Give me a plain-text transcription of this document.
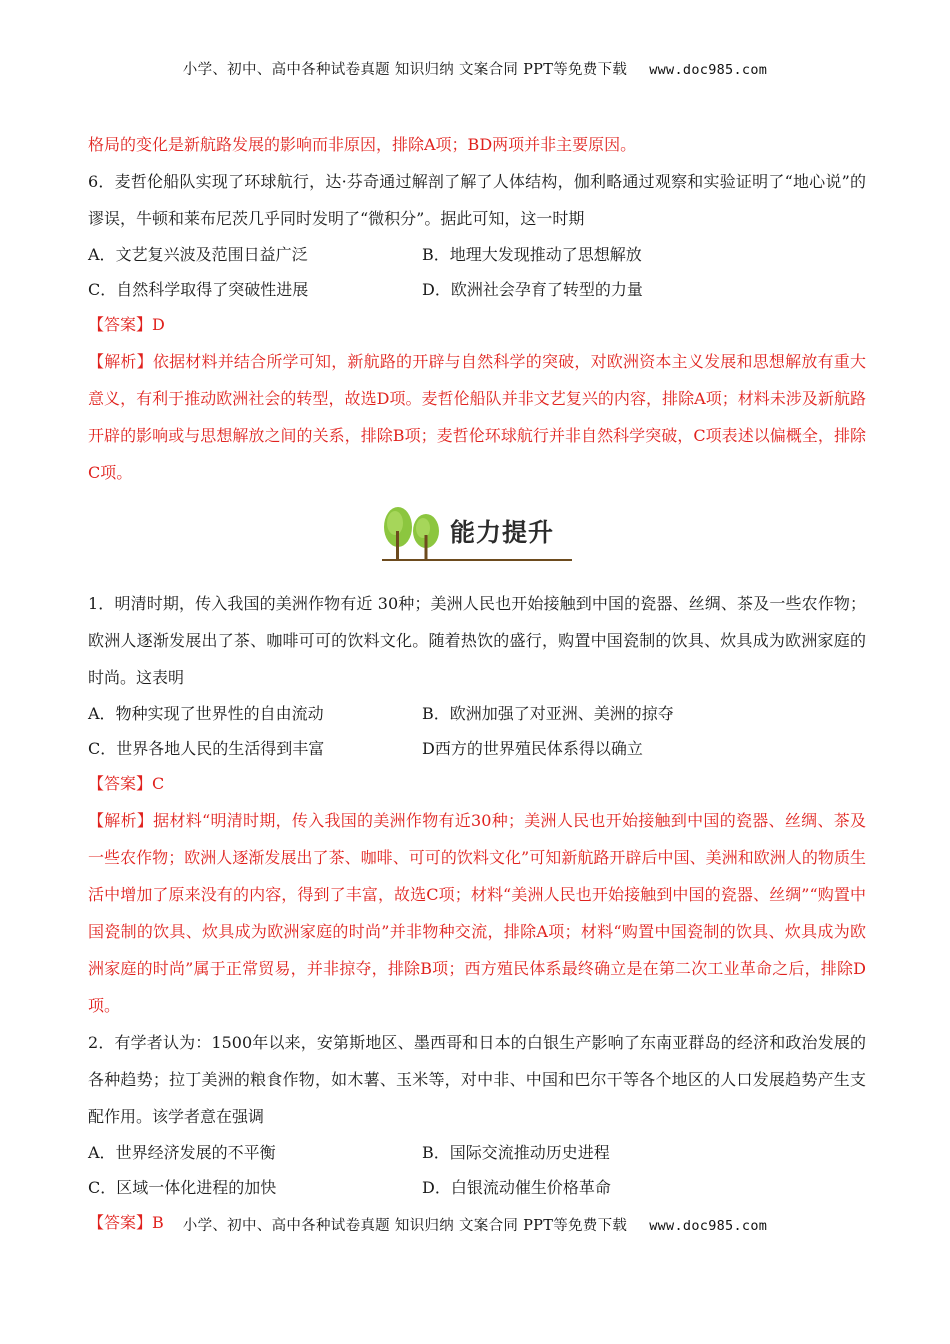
小学、初中、高中各种试卷真题 知识归纳 文案合同 PPT等免费下载 www.doc985.com
格局的变化是新航路发展的影响而非原因，排除A项；BD两项并非主要原因。
6．麦哲伦船队实现了环球航行，达·芬奇通过解剖了解了人体结构，伽利略通过观察和实验证明了“地心说”的谬误，牛顿和莱布尼茨几乎同时发明了“微积分”。据此可知，这一时期
A．文艺复兴波及范围日益广泛	B．地理大发现推动了思想解放
C．自然科学取得了突破性进展	D．欧洲社会孕育了转型的力量
【答案】D
【解析】依据材料并结合所学可知，新航路的开辟与自然科学的突破，对欧洲资本主义发展和思想解放有重大意义，有利于推动欧洲社会的转型，故选D项。麦哲伦船队并非文艺复兴的内容，排除A项；材料未涉及新航路开辟的影响或与思想解放之间的关系，排除B项；麦哲伦环球航行并非自然科学突破，C项表述以偏概全，排除C项。
能力提升
1．明清时期，传入我国的美洲作物有近 30种；美洲人民也开始接触到中国的瓷器、丝绸、茶及一些农作物；欧洲人逐渐发展出了茶、咖啡可可的饮料文化。随着热饮的盛行，购置中国瓷制的饮具、炊具成为欧洲家庭的时尚。这表明
A．物种实现了世界性的自由流动	B．欧洲加强了对亚洲、美洲的掠夺
C．世界各地人民的生活得到丰富	D西方的世界殖民体系得以确立
【答案】C
【解析】据材料“明清时期，传入我国的美洲作物有近30种；美洲人民也开始接触到中国的瓷器、丝绸、茶及一些农作物；欧洲人逐渐发展出了茶、咖啡、可可的饮料文化”可知新航路开辟后中国、美洲和欧洲人的物质生活中增加了原来没有的内容，得到了丰富，故选C项；材料“美洲人民也开始接触到中国的瓷器、丝绸”“购置中国瓷制的饮具、炊具成为欧洲家庭的时尚”并非物种交流，排除A项；材料“购置中国瓷制的饮具、炊具成为欧洲家庭的时尚”属于正常贸易，并非掠夺，排除B项；西方殖民体系最终确立是在第二次工业革命之后，排除D项。
2．有学者认为：1500年以来，安第斯地区、墨西哥和日本的白银生产影响了东南亚群岛的经济和政治发展的各种趋势；拉丁美洲的粮食作物，如木薯、玉米等，对中非、中国和巴尔干等各个地区的人口发展趋势产生支配作用。该学者意在强调
A．世界经济发展的不平衡	B．国际交流推动历史进程
C．区域一体化进程的加快	D．白银流动催生价格革命
【答案】B	小学、初中、高中各种试卷真题 知识归纳 文案合同 PPT等免费下载 www.doc985.com
